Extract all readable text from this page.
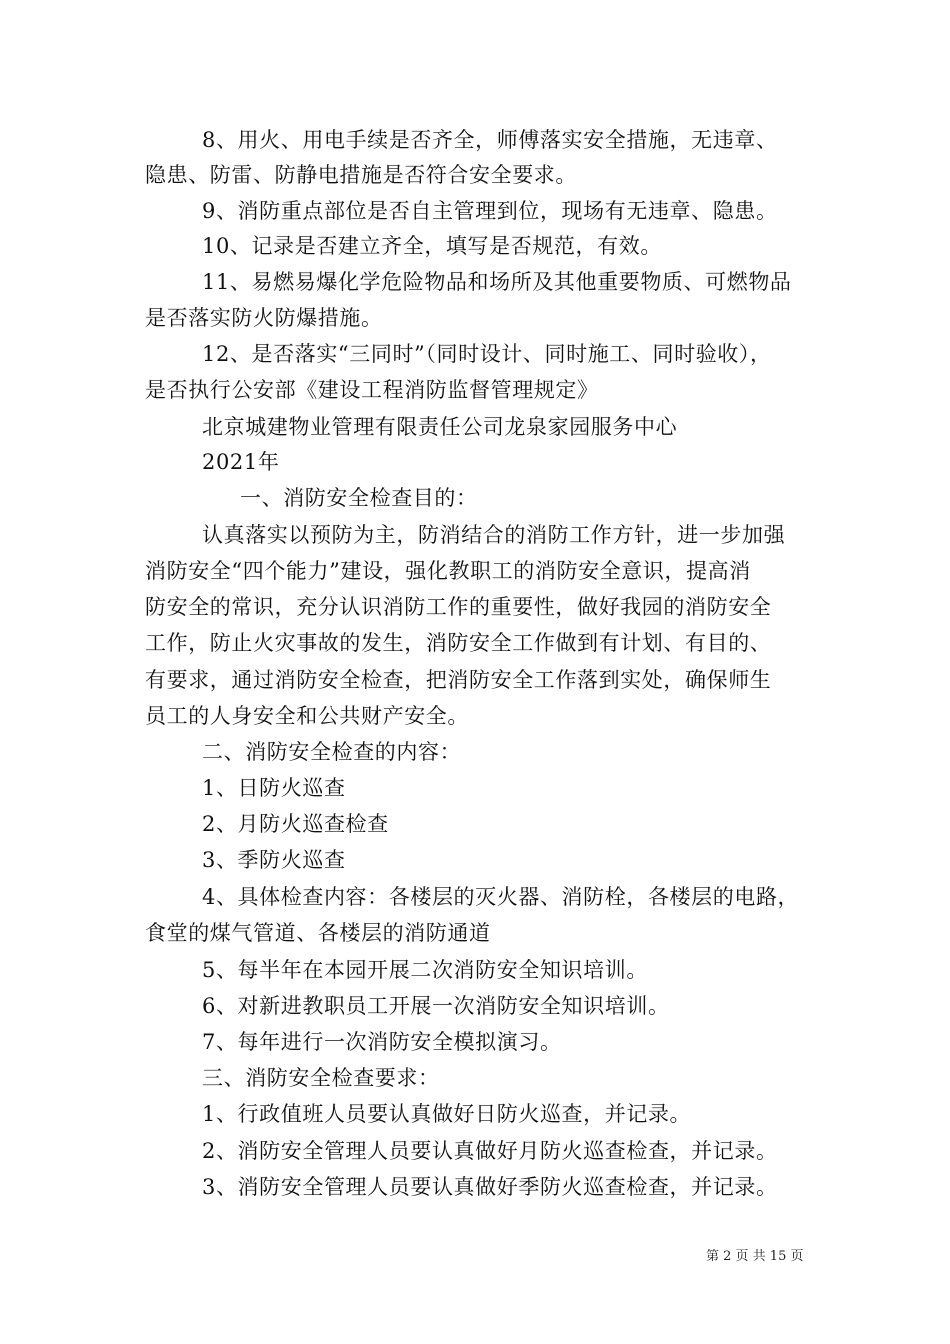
8、用火、用电手续是否齐全，师傅落实安全措施，无违章、
隐患、防雷、防静电措施是否符合安全要求。
9、消防重点部位是否自主管理到位，现场有无违章、隐患。
10、记录是否建立齐全，填写是否规范，有效。
11、易燃易爆化学危险物品和场所及其他重要物质、可燃物品
是否落实防火防爆措施。
12、是否落实“三同时”（同时设计、同时施工、同时验收），
是否执行公安部《建设工程消防监督管理规定》
北京城建物业管理有限责任公司龙泉家园服务中心
2021年
一、消防安全检查目的：
认真落实以预防为主，防消结合的消防工作方针，进一步加强
消防安全“四个能力”建设，强化教职工的消防安全意识，提高消
防安全的常识，充分认识消防工作的重要性，做好我园的消防安全
工作，防止火灾事故的发生，消防安全工作做到有计划、有目的、
有要求，通过消防安全检查，把消防安全工作落到实处，确保师生
员工的人身安全和公共财产安全。
二、消防安全检查的内容：
1、日防火巡查
2、月防火巡查检查
3、季防火巡查
4、具体检查内容：各楼层的灭火器、消防栓，各楼层的电路，
食堂的煤气管道、各楼层的消防通道
5、每半年在本园开展二次消防安全知识培训。
6、对新进教职员工开展一次消防安全知识培训。
7、每年进行一次消防安全模拟演习。
三、消防安全检查要求：
1、行政值班人员要认真做好日防火巡查，并记录。
2、消防安全管理人员要认真做好月防火巡查检查，并记录。
3、消防安全管理人员要认真做好季防火巡查检查，并记录。
第 2 页 共 15 页
